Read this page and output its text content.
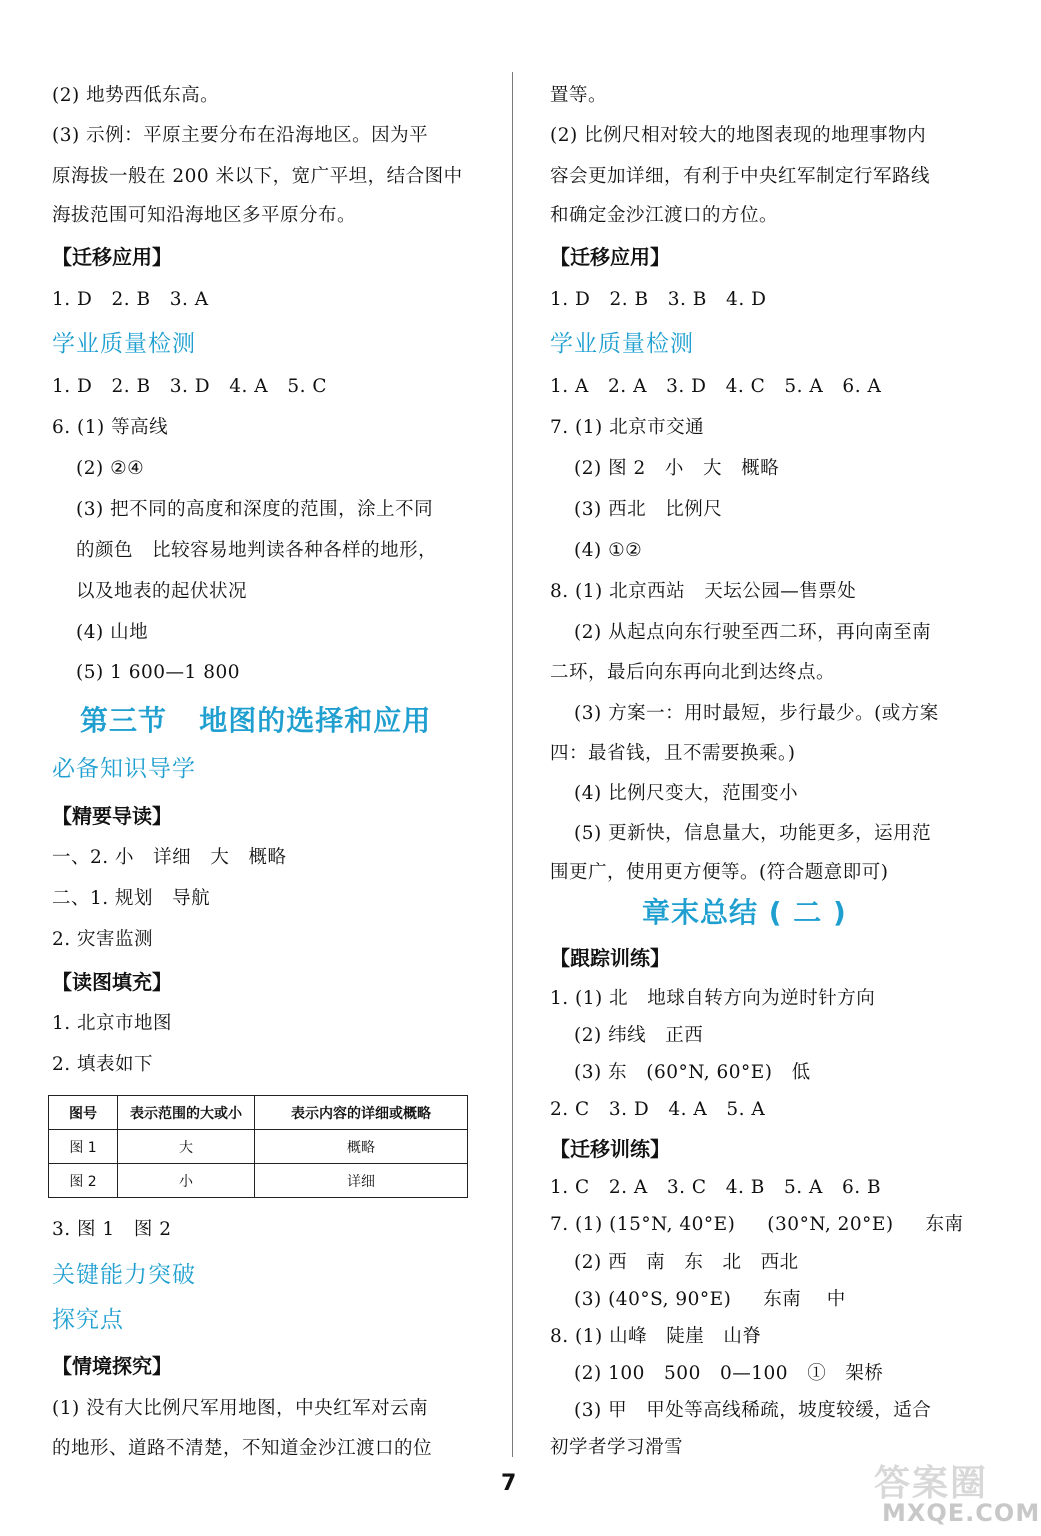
(2) 地势西低东高。
(3) 示例：平原主要分布在沿海地区。因为平
原海拔一般在 200 米以下，宽广平坦，结合图中
海拔范围可知沿海地区多平原分布。
【迁移应用】
1. D   2. B   3. A
学业质量检测
1. D   2. B   3. D   4. A   5. C
6. (1) 等高线
(2) ②④
(3) 把不同的高度和深度的范围，涂上不同
的颜色   比较容易地判读各种各样的地形，
以及地表的起伏状况
(4) 山地
(5) 1 600—1 800
第三节   地图的选择和应用
必备知识导学
【精要导读】
一、2. 小   详细   大   概略
二、1. 规划   导航
2. 灾害监测
【读图填充】
1. 北京市地图
2. 填表如下
图号	表示范围的大或小	表示内容的详细或概略
图 1	大	概略
图 2	小	详细
3. 图 1   图 2
关键能力突破
探究点
【情境探究】
(1) 没有大比例尺军用地图，中央红军对云南
的地形、道路不清楚，不知道金沙江渡口的位
置等。
(2) 比例尺相对较大的地图表现的地理事物内
容会更加详细，有利于中央红军制定行军路线
和确定金沙江渡口的方位。
【迁移应用】
1. D   2. B   3. B   4. D
学业质量检测
1. A   2. A   3. D   4. C   5. A   6. A
7. (1) 北京市交通
(2) 图 2   小   大   概略
(3) 西北   比例尺
(4) ①②
8. (1) 北京西站   天坛公园—售票处
(2) 从起点向东行驶至西二环，再向南至南
二环，最后向东再向北到达终点。
(3) 方案一：用时最短，步行最少。(或方案
四：最省钱，且不需要换乘。)
(4) 比例尺变大，范围变小
(5) 更新快，信息量大，功能更多，运用范
围更广，使用更方便等。(符合题意即可)
章末总结 ( 二 )
【跟踪训练】
1. (1) 北   地球自转方向为逆时针方向
(2) 纬线   正西
(3) 东   (60°N, 60°E)   低
2. C   3. D   4. A   5. A
【迁移训练】
1. C   2. A   3. C   4. B   5. A   6. B
7. (1) (15°N, 40°E)     (30°N, 20°E)     东南
(2) 西   南   东   北   西北
(3) (40°S, 90°E)     东南    中
8. (1) 山峰   陡崖   山脊
(2) 100   500   0—100   ①   架桥
(3) 甲   甲处等高线稀疏，坡度较缓，适合
初学者学习滑雪
7	答案圈
MXQE.COM
